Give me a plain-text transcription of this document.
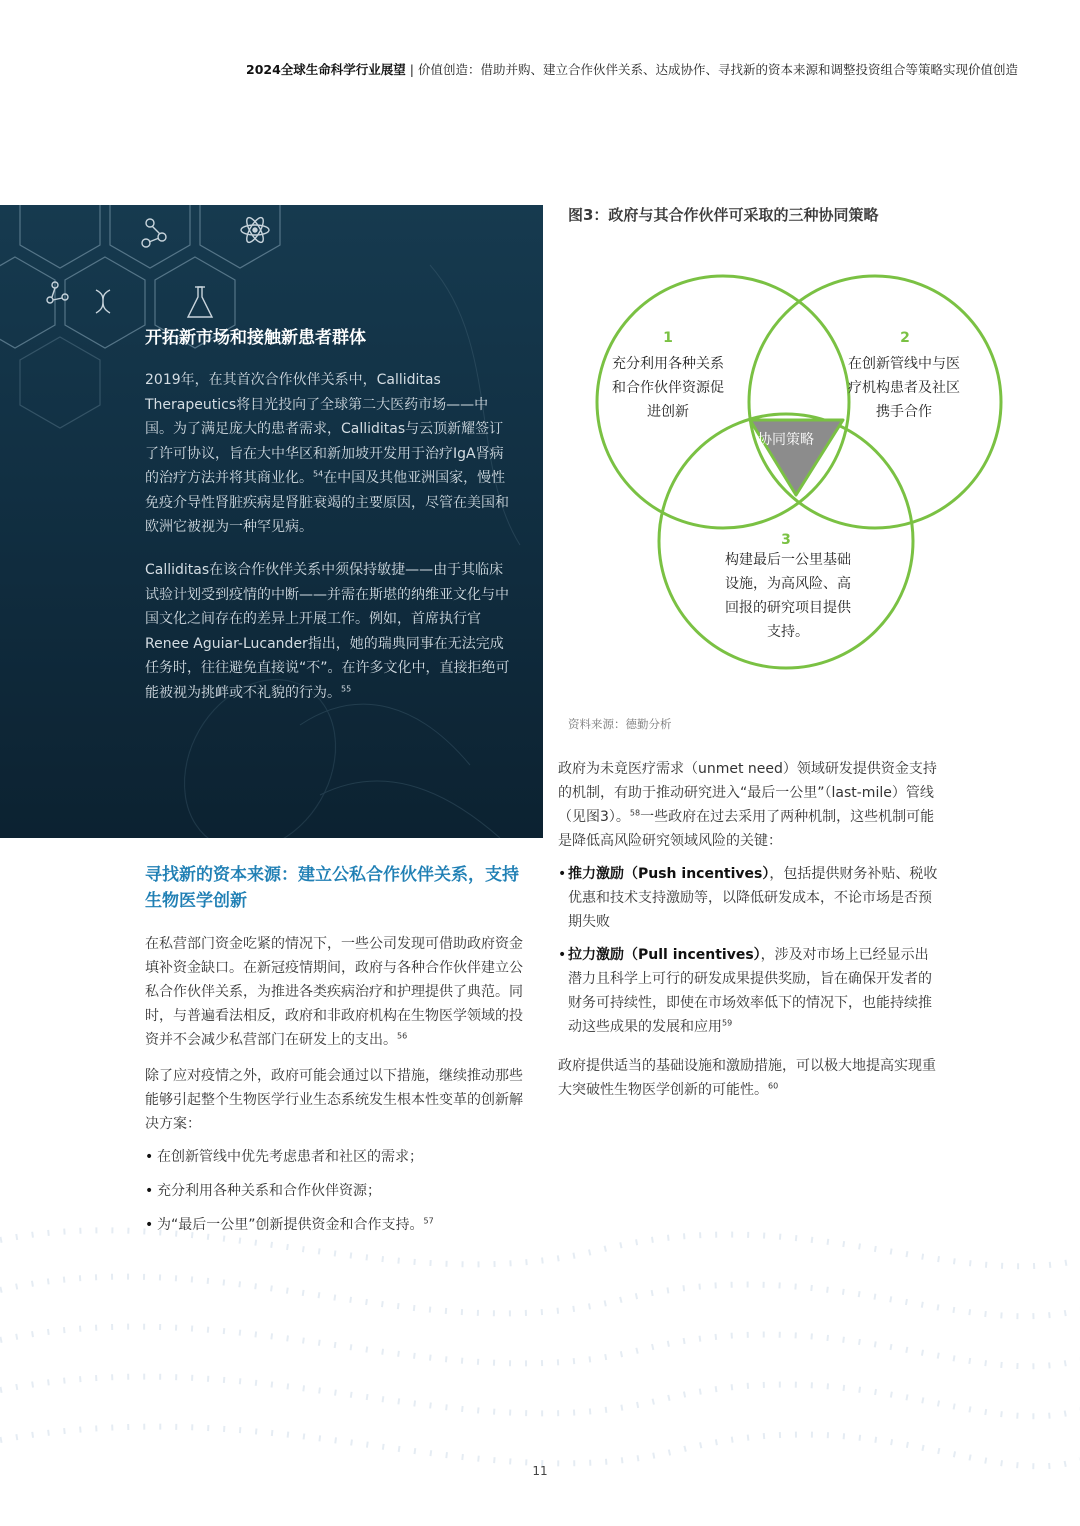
2024全球生命科学行业展望 | 价值创造：借助并购、建立合作伙伴关系、达成协作、寻找新的资本来源和调整投资组合等策略实现价值创造
开拓新市场和接触新患者群体
2019年，在其首次合作伙伴关系中，Calliditas Therapeutics将目光投向了全球第二大医药市场——中国。为了满足庞大的患者需求，Calliditas与云顶新耀签订了许可协议，旨在大中华区和新加坡开发用于治疗IgA肾病的治疗方法并将其商业化。$^{54}$在中国及其他亚洲国家，慢性免疫介导性肾脏疾病是肾脏衰竭的主要原因，尽管在美国和欧洲它被视为一种罕见病。
Calliditas在该合作伙伴关系中须保持敏捷——由于其临床试验计划受到疫情的中断——并需在斯堪的纳维亚文化与中国文化之间存在的差异上开展工作。例如，首席执行官Renee Aguiar-Lucander指出，她的瑞典同事在无法完成任务时，往往避免直接说“不”。在许多文化中，直接拒绝可能被视为挑衅或不礼貌的行为。$^{55}$
图3：政府与其合作伙伴可采取的三种协同策略
1
充分利用各种关系和合作伙伴资源促进创新
2
在创新管线中与医疗机构患者及社区携手合作
3
构建最后一公里基础设施，为高风险、高回报的研究项目提供支持。
协同策略
资料来源：德勤分析
政府为未竟医疗需求（unmet need）领域研发提供资金支持的机制，有助于推动研究进入“最后一公里”（last-mile）管线（见图3）。$^{58}$一些政府在过去采用了两种机制，这些机制可能是降低高风险研究领域风险的关键：
• 推力激励（Push incentives），包括提供财务补贴、税收优惠和技术支持激励等，以降低研发成本，不论市场是否预期失败
• 拉力激励（Pull incentives），涉及对市场上已经显示出潜力且科学上可行的研发成果提供奖励，旨在确保开发者的财务可持续性，即使在市场效率低下的情况下，也能持续推动这些成果的发展和应用$^{59}$
政府提供适当的基础设施和激励措施，可以极大地提高实现重大突破性生物医学创新的可能性。$^{60}$
寻找新的资本来源：建立公私合作伙伴关系，支持生物医学创新
在私营部门资金吃紧的情况下，一些公司发现可借助政府资金填补资金缺口。在新冠疫情期间，政府与各种合作伙伴建立公私合作伙伴关系，为推进各类疾病治疗和护理提供了典范。同时，与普遍看法相反，政府和非政府机构在生物医学领域的投资并不会减少私营部门在研发上的支出。$^{56}$
除了应对疫情之外，政府可能会通过以下措施，继续推动那些能够引起整个生物医学行业生态系统发生根本性变革的创新解决方案：
• 在创新管线中优先考虑患者和社区的需求；
• 充分利用各种关系和合作伙伴资源；
• 为“最后一公里”创新提供资金和合作支持。$^{57}$
11
